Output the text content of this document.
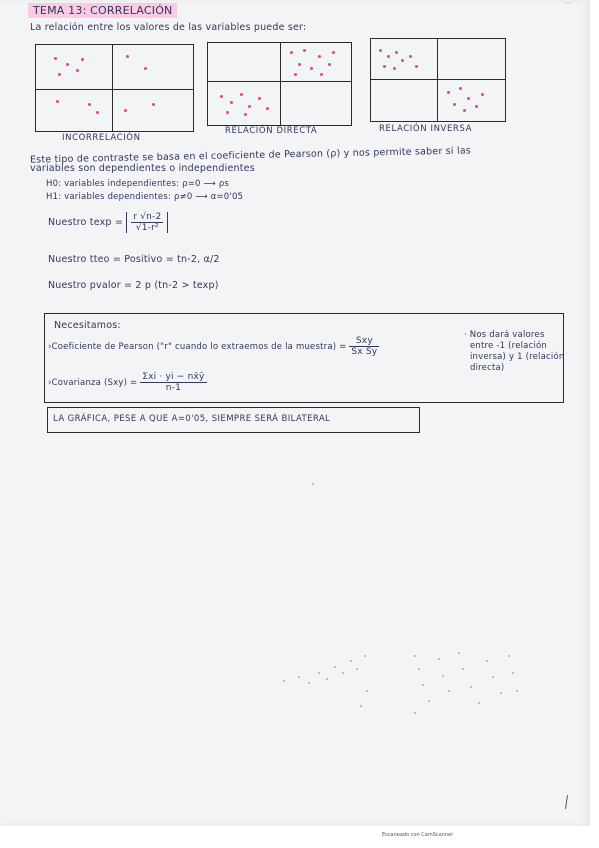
TEMA 13: CORRELACIÓN
La relación entre los valores de las variables puede ser:
INCORRELACIÓN
RELACIÓN DIRECTA	RELACIÓN INVERSA
Este tipo de contraste se basa en el coeficiente de Pearson (ρ) y nos permite saber si las
variables son dependientes o independientes
H0: variables independientes: ρ=0 ⟶ ρs
H1: variables dependientes: ρ≠0 ⟶ α=0'05
Nuestro $texp = \frac{r √n-2}{\text{√1-r²}}$
Nuestro tteo = Positivo = tn-2, α/2
Nuestro pvalor = 2 p (tn-2 > texp)
Necesitamos:
›Coeficiente de Pearson ("r" cuando lo extraemos de la muestra) = $\frac{\text{Sxy}}{\text{Sx Sy}}$
· Nos dará valores
entre -1 (relación
inversa) y 1 (relación
directa)
›Covarianza $(Sxy) = \frac{\text{Σxi · yi − nx̄ȳ}}{n-1}$
LA GRÁFICA, PESE A QUE Α=0'05, SIEMPRE SERÁ BILATERAL
Escaneado con CamScanner
